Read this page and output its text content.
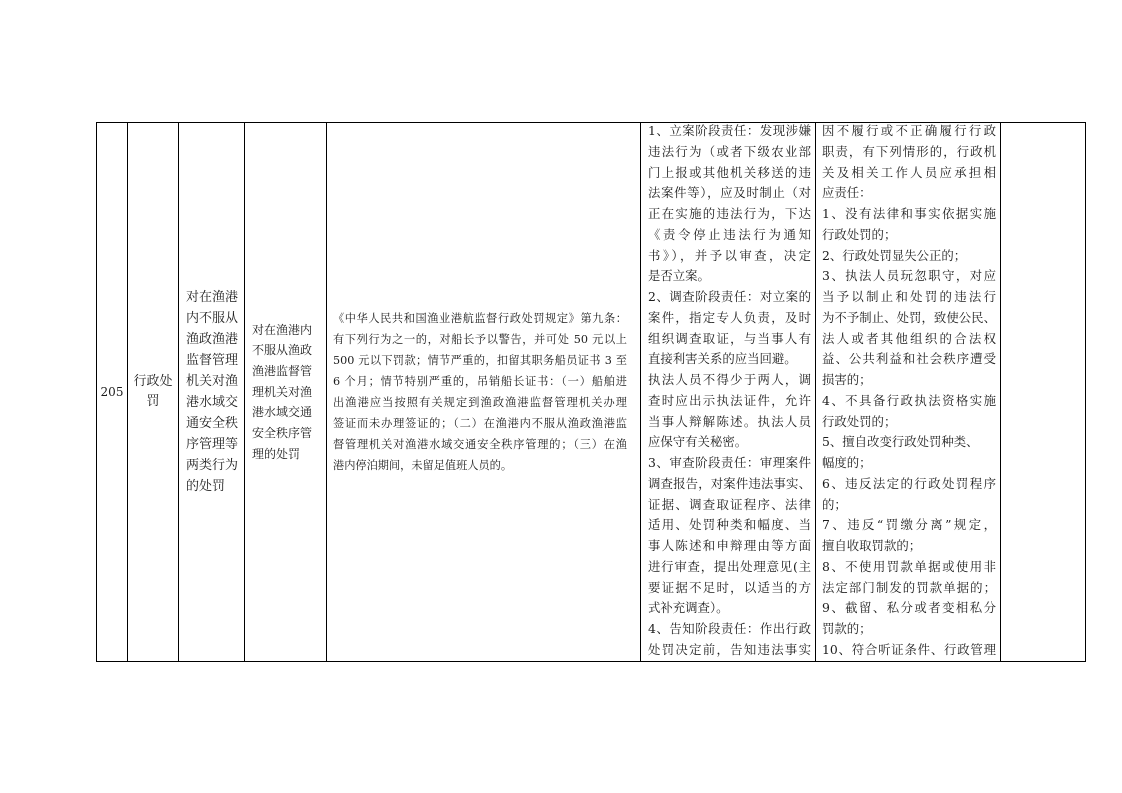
205
行政处
罚
对在渔港
内不服从
渔政渔港
监督管理
机关对渔
港水域交
通安全秩
序管理等
两类行为
的处罚
对在渔港内
不服从渔政
渔港监督管
理机关对渔
港水域交通
安全秩序管
理的处罚
《中华人民共和国渔业港航监督行政处罚规定》第九条：
有下列行为之一的，对船长予以警告，并可处 50 元以上
500 元以下罚款；情节严重的，扣留其职务船员证书 3 至
6 个月；情节特别严重的，吊销船长证书：（一）船舶进
出渔港应当按照有关规定到渔政渔港监督管理机关办理
签证而未办理签证的；（二）在渔港内不服从渔政渔港监
督管理机关对渔港水域交通安全秩序管理的；（三）在渔
港内停泊期间，未留足值班人员的。
1、立案阶段责任：发现涉嫌
违法行为（或者下级农业部
门上报或其他机关移送的违
法案件等），应及时制止（对
正在实施的违法行为，下达
《责令停止违法行为通知
书》），并予以审查，决定
是否立案。
2、调查阶段责任：对立案的
案件，指定专人负责，及时
组织调查取证，与当事人有
直接利害关系的应当回避。
执法人员不得少于两人，调
查时应出示执法证件，允许
当事人辩解陈述。执法人员
应保守有关秘密。
3、审查阶段责任：审理案件
调查报告，对案件违法事实、
证据、调查取证程序、法律
适用、处罚种类和幅度、当
事人陈述和申辩理由等方面
进行审查，提出处理意见(主
要证据不足时，以适当的方
式补充调查）。
4、告知阶段责任：作出行政
处罚决定前，告知违法事实
因不履行或不正确履行行政
职责，有下列情形的，行政机
关及相关工作人员应承担相
应责任：
1、没有法律和事实依据实施
行政处罚的；
2、行政处罚显失公正的；
3、执法人员玩忽职守，对应
当予以制止和处罚的违法行
为不予制止、处罚，致使公民、
法人或者其他组织的合法权
益、公共利益和社会秩序遭受
损害的；
4、不具备行政执法资格实施
行政处罚的；
5、擅自改变行政处罚种类、
幅度的；
6、违反法定的行政处罚程序
的；
7、违反“罚缴分离”规定，
擅自收取罚款的；
8、不使用罚款单据或使用非
法定部门制发的罚款单据的；
9、截留、私分或者变相私分
罚款的；
10、符合听证条件、行政管理
